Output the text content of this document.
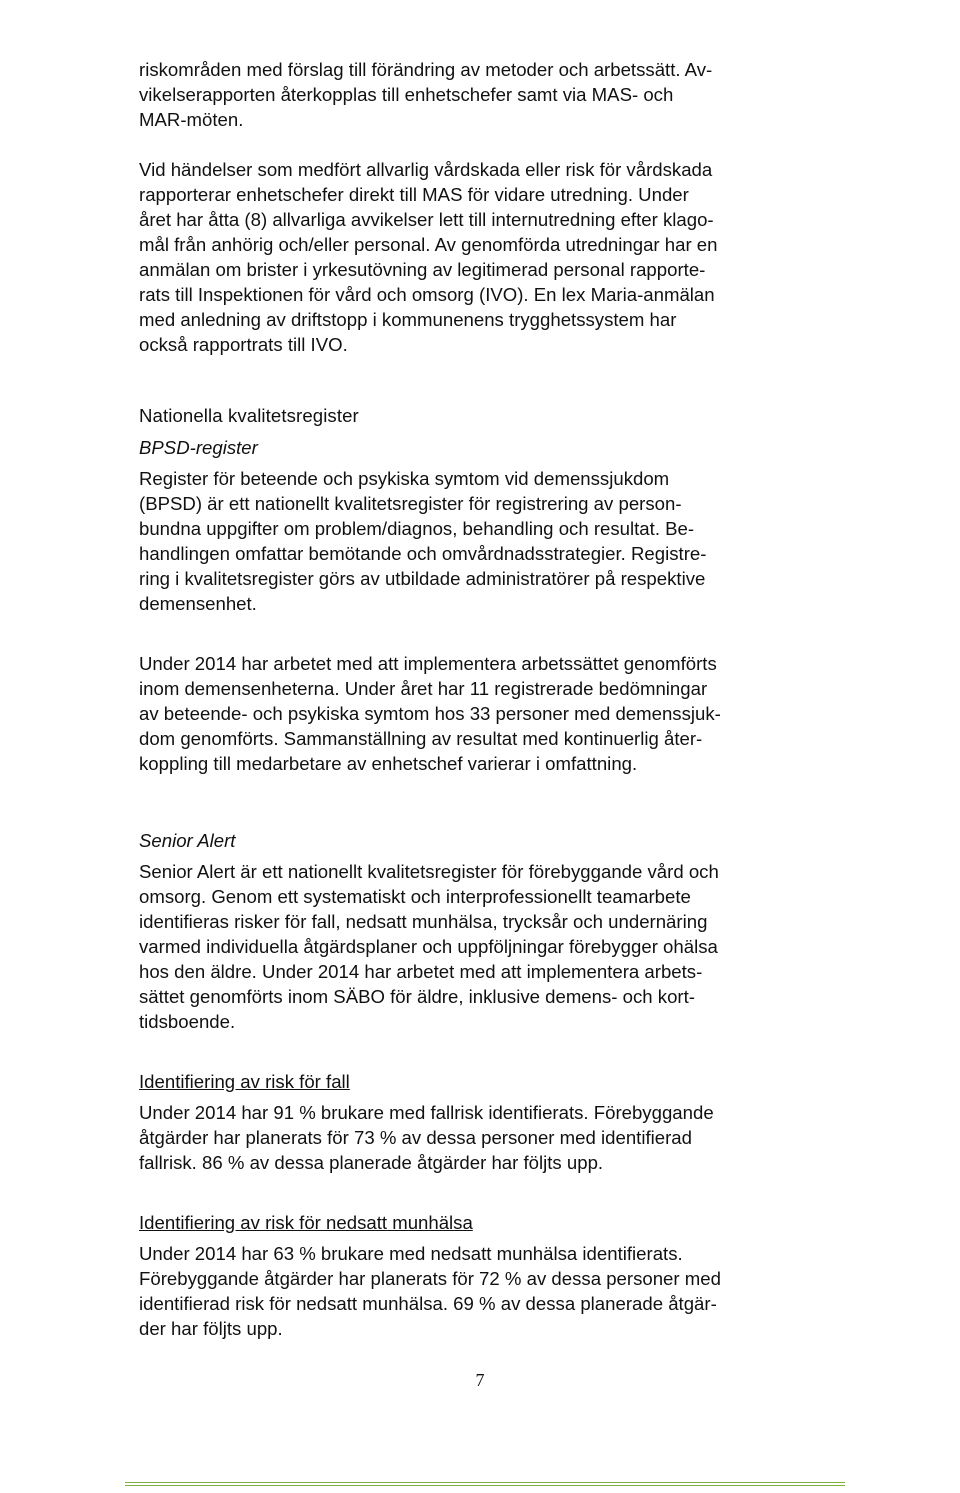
riskområden med förslag till förändring av metoder och arbetssätt. Av-
vikelserapporten återkopplas till enhetschefer samt via MAS- och
MAR-möten.

Vid händelser som medfört allvarlig vårdskada eller risk för vårdskada
rapporterar enhetschefer direkt till MAS för vidare utredning. Under
året har åtta (8) allvarliga avvikelser lett till internutredning efter klago-
mål från anhörig och/eller personal. Av genomförda utredningar har en
anmälan om brister i yrkesutövning av legitimerad personal rapporte-
rats till Inspektionen för vård och omsorg (IVO). En lex Maria-anmälan
med anledning av driftstopp i kommunenens trygghetssystem har
också rapportrats till IVO.

Nationella kvalitetsregister
BPSD-register

Register för beteende och psykiska symtom vid demenssjukdom
(BPSD) är ett nationellt kvalitetsregister för registrering av person-
bundna uppgifter om problem/diagnos, behandling och resultat. Be-
handlingen omfattar bemötande och omvårdnadsstrategier. Registre-
ring i kvalitetsregister görs av utbildade administratörer på respektive
demensenhet.

Under 2014 har arbetet med att implementera arbetssättet genomförts
inom demensenheterna. Under året har 11 registrerade bedömningar
av beteende- och psykiska symtom hos 33 personer med demenssjuk-
dom genomförts. Sammanställning av resultat med kontinuerlig åter-
koppling till medarbetare av enhetschef varierar i omfattning.

Senior Alert

Senior Alert är ett nationellt kvalitetsregister för förebyggande vård och
omsorg. Genom ett systematiskt och interprofessionellt teamarbete
identifieras risker för fall, nedsatt munhälsa, trycksår och undernäring
varmed individuella åtgärdsplaner och uppföljningar förebygger ohälsa
hos den äldre. Under 2014 har arbetet med att implementera arbets-
sättet genomförts inom SÄBO för äldre, inklusive demens- och kort-
tidsboende.

Identifiering av risk för fall

Under 2014 har 91 % brukare med fallrisk identifierats. Förebyggande
åtgärder har planerats för 73 % av dessa personer med identifierad
fallrisk. 86 % av dessa planerade åtgärder har följts upp.

Identifiering av risk för nedsatt munhälsa

Under 2014 har 63 % brukare med nedsatt munhälsa identifierats.
Förebyggande åtgärder har planerats för 72 % av dessa personer med
identifierad risk för nedsatt munhälsa. 69 % av dessa planerade åtgär-
der har följts upp.

7
